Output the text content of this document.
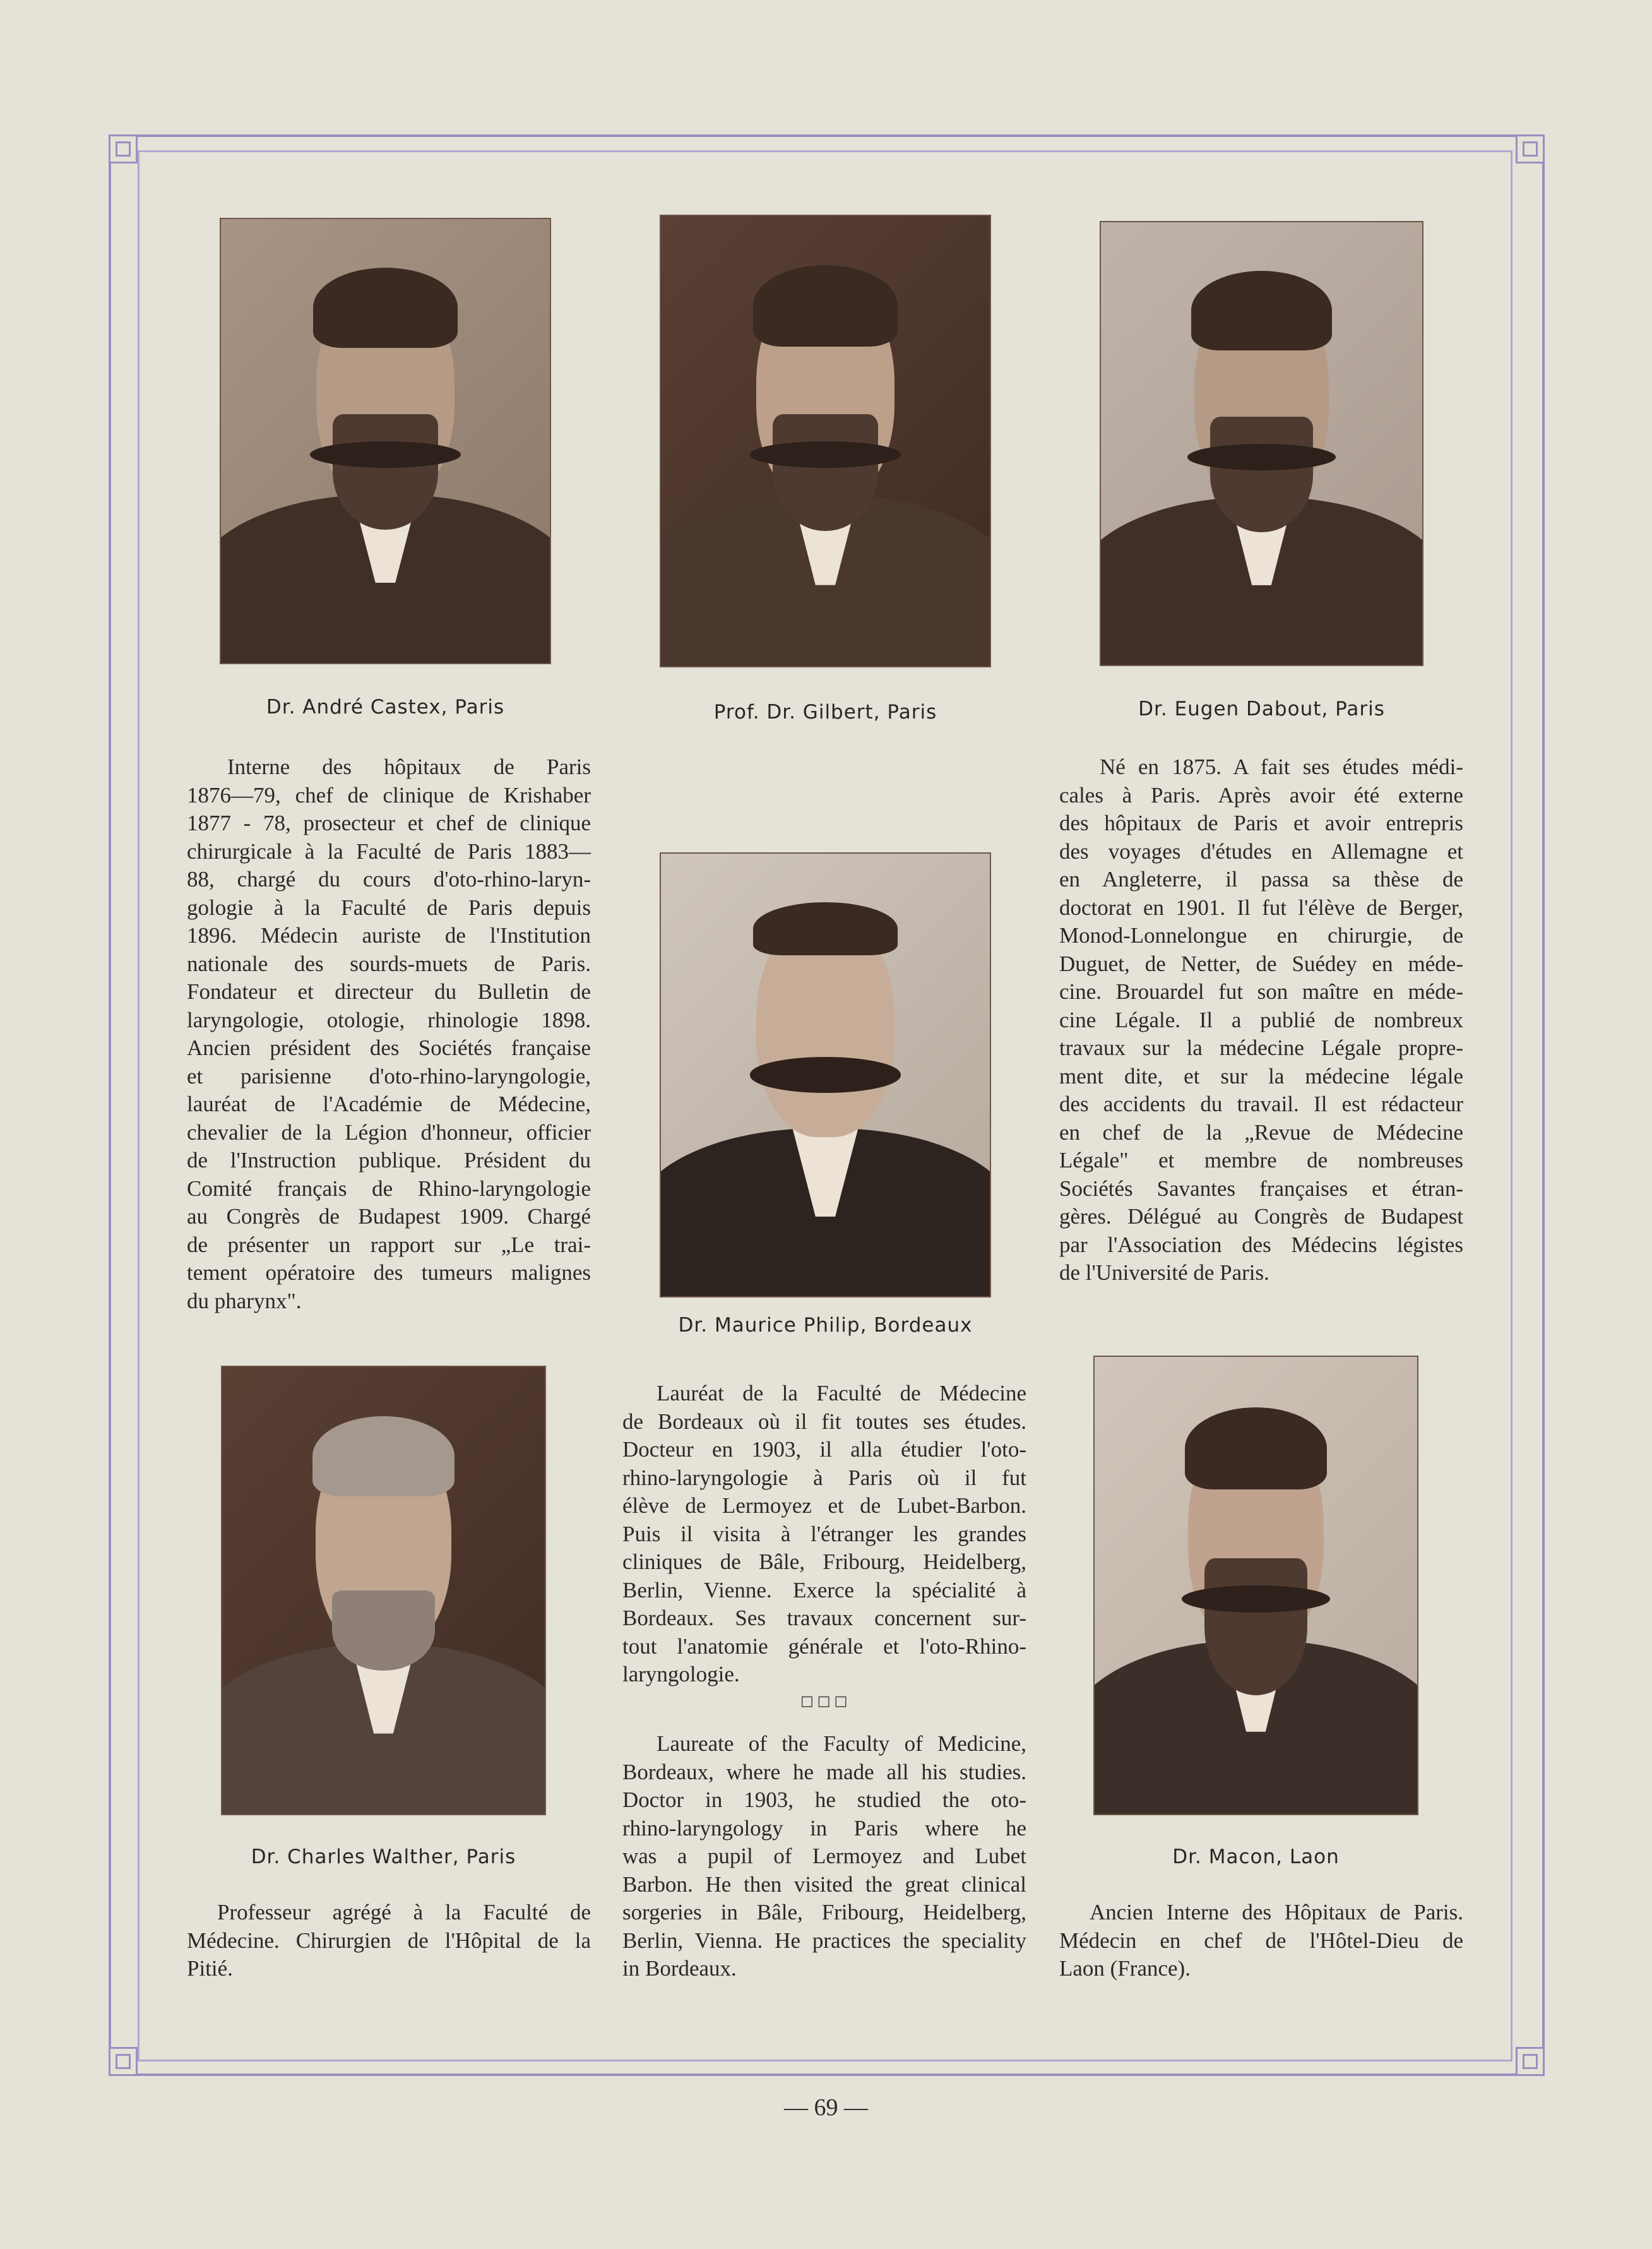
Dr. André Castex, Paris	Prof. Dr. Gilbert, Paris	Dr. Eugen Dabout, Paris
Interne des hôpitaux de Paris
1876—79, chef de clinique de Krishaber
1877 - 78, prosecteur et chef de clinique
chirurgicale à la Faculté de Paris 1883—
88, chargé du cours d'oto-rhino-laryn-
gologie à la Faculté de Paris depuis
1896. Médecin auriste de l'Institution
nationale des sourds-muets de Paris.
Fondateur et directeur du Bulletin de
laryngologie, otologie, rhinologie 1898.
Ancien président des Sociétés française
et parisienne d'oto-rhino-laryngologie,
lauréat de l'Académie de Médecine,
chevalier de la Légion d'honneur, officier
de l'Instruction publique. Président du
Comité français de Rhino-laryngologie
au Congrès de Budapest 1909. Chargé
de présenter un rapport sur „Le trai-
tement opératoire des tumeurs malignes
du pharynx".
Dr. Maurice Philip, Bordeaux
Né en 1875. A fait ses études médi-
cales à Paris. Après avoir été externe
des hôpitaux de Paris et avoir entrepris
des voyages d'études en Allemagne et
en Angleterre, il passa sa thèse de
doctorat en 1901. Il fut l'élève de Berger,
Monod-Lonnelongue en chirurgie, de
Duguet, de Netter, de Suédey en méde-
cine. Brouardel fut son maître en méde-
cine Légale. Il a publié de nombreux
travaux sur la médecine Légale propre-
ment dite, et sur la médecine légale
des accidents du travail. Il est rédacteur
en chef de la „Revue de Médecine
Légale" et membre de nombreuses
Sociétés Savantes françaises et étran-
gères. Délégué au Congrès de Budapest
par l'Association des Médecins légistes
de l'Université de Paris.
Dr. Charles Walther, Paris
Lauréat de la Faculté de Médecine
de Bordeaux où il fit toutes ses études.
Docteur en 1903, il alla étudier l'oto-
rhino-laryngologie à Paris où il fut
élève de Lermoyez et de Lubet-Barbon.
Puis il visita à l'étranger les grandes
cliniques de Bâle, Fribourg, Heidelberg,
Berlin, Vienne. Exerce la spécialité à
Bordeaux. Ses travaux concernent sur-
tout l'anatomie générale et l'oto-Rhino-
laryngologie.
□□□
Laureate of the Faculty of Medicine,
Bordeaux, where he made all his studies.
Doctor in 1903, he studied the oto-
rhino-laryngology in Paris where he
was a pupil of Lermoyez and Lubet
Barbon. He then visited the great clinical
sorgeries in Bâle, Fribourg, Heidelberg,
Berlin, Vienna. He practices the speciality
in Bordeaux.
Dr. Macon, Laon
Professeur agrégé à la Faculté de
Médecine. Chirurgien de l'Hôpital de la
Pitié.
Ancien Interne des Hôpitaux de Paris.
Médecin en chef de l'Hôtel-Dieu de
Laon (France).
— 69 —
